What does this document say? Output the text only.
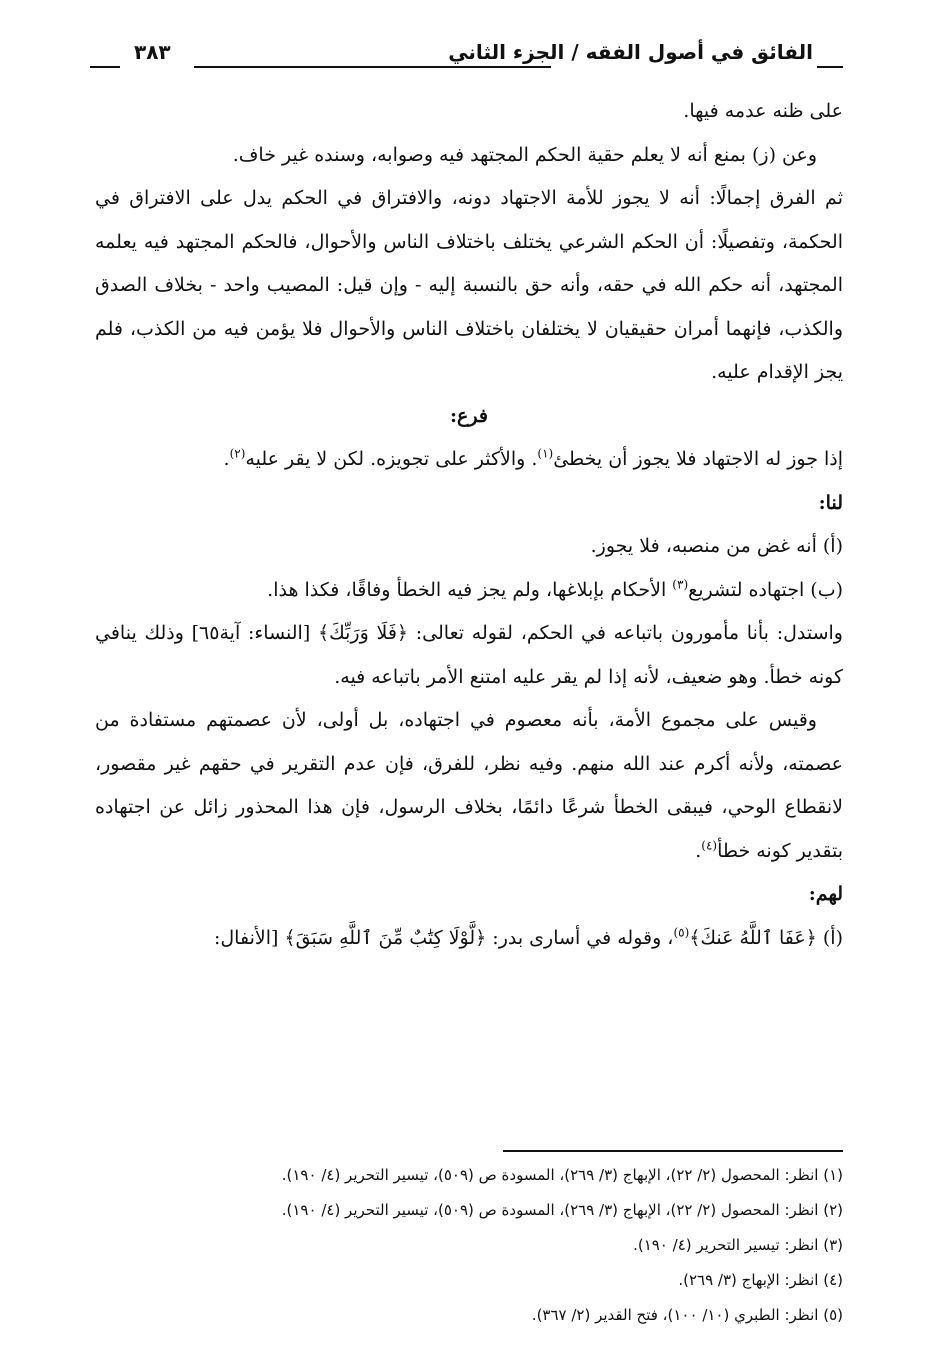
الفائق في أصول الفقه / الجزء الثاني
٣٨٣

على ظنه عدمه فيها.

وعن (ز) بمنع أنه لا يعلم حقية الحكم المجتهد فيه وصوابه، وسنده غير خاف.

ثم الفرق إجمالًا: أنه لا يجوز للأمة الاجتهاد دونه، والافتراق في الحكم يدل على الافتراق في الحكمة، وتفصيلًا: أن الحكم الشرعي يختلف باختلاف الناس والأحوال، فالحكم المجتهد فيه يعلمه المجتهد، أنه حكم الله في حقه، وأنه حق بالنسبة إليه - وإن قيل: المصيب واحد - بخلاف الصدق والكذب، فإنهما أمران حقيقيان لا يختلفان باختلاف الناس والأحوال فلا يؤمن فيه من الكذب، فلم يجز الإقدام عليه.

فرع:

إذا جوز له الاجتهاد فلا يجوز أن يخطئ$^{(١)}$. والأكثر على تجويزه. لكن لا يقر عليه$^{(٢)}$.

لنا:

(أ) أنه غض من منصبه، فلا يجوز.

(ب) اجتهاده لتشريع$^{(٣)}$ الأحكام بإبلاغها، ولم يجز فيه الخطأ وفاقًا، فكذا هذا.

واستدل: بأنا مأمورون باتباعه في الحكم، لقوله تعالى: ﴿فَلَا وَرَبِّكَ﴾ [النساء: آية٦٥] وذلك ينافي كونه خطأ. وهو ضعيف، لأنه إذا لم يقر عليه امتنع الأمر باتباعه فيه.

وقيس على مجموع الأمة، بأنه معصوم في اجتهاده، بل أولى، لأن عصمتهم مستفادة من عصمته، ولأنه أكرم عند الله منهم. وفيه نظر، للفرق، فإن عدم التقرير في حقهم غير مقصور، لانقطاع الوحي، فيبقى الخطأ شرعًا دائمًا، بخلاف الرسول، فإن هذا المحذور زائل عن اجتهاده بتقدير كونه خطأ$^{(٤)}$.

لهم:

(أ) ﴿عَفَا ٱللَّهُ عَنكَ﴾$^{(٥)}$، وقوله في أسارى بدر: ﴿لَّوْلَا كِتَٰبٌ مِّنَ ٱللَّهِ سَبَقَ﴾ [الأنفال:

(١) انظر: المحصول (٢/ ٢٢)، الإبهاج (٣/ ٢٦٩)، المسودة ص (٥٠٩)، تيسير التحرير (٤/ ١٩٠).
(٢) انظر: المحصول (٢/ ٢٢)، الإبهاج (٣/ ٢٦٩)، المسودة ص (٥٠٩)، تيسير التحرير (٤/ ١٩٠).
(٣) انظر: تيسير التحرير (٤/ ١٩٠).
(٤) انظر: الإبهاج (٣/ ٢٦٩).
(٥) انظر: الطبري (١٠/ ١٠٠)، فتح القدير (٢/ ٣٦٧).
